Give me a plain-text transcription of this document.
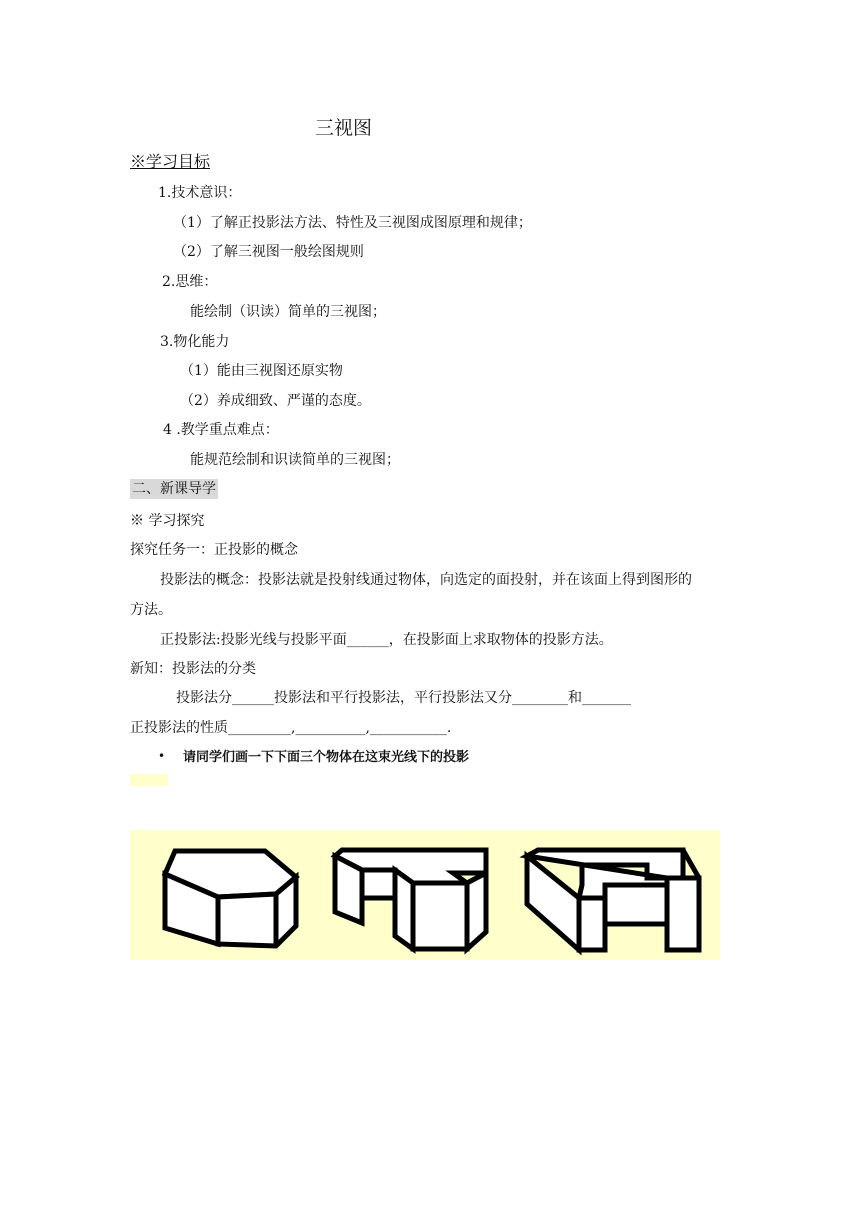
三视图
※学习目标
1.技术意识：
（1）了解正投影法方法、特性及三视图成图原理和规律；
（2）了解三视图一般绘图规则
2.思维：
能绘制（识读）简单的三视图；
3.物化能力
（1）能由三视图还原实物
（2）养成细致、严谨的态度。
4 .教学重点难点：
能规范绘制和识读简单的三视图；
二、新课导学
※ 学习探究
探究任务一：正投影的概念
投影法的概念：投影法就是投射线通过物体，向选定的面投射，并在该面上得到图形的
方法。
正投影法:投影光线与投影平面______，在投影面上求取物体的投影方法。
新知：投影法的分类
投影法分______投影法和平行投影法，平行投影法又分________和_______
正投影法的性质_________,__________,___________.
• 请同学们画一下下面三个物体在这束光线下的投影
